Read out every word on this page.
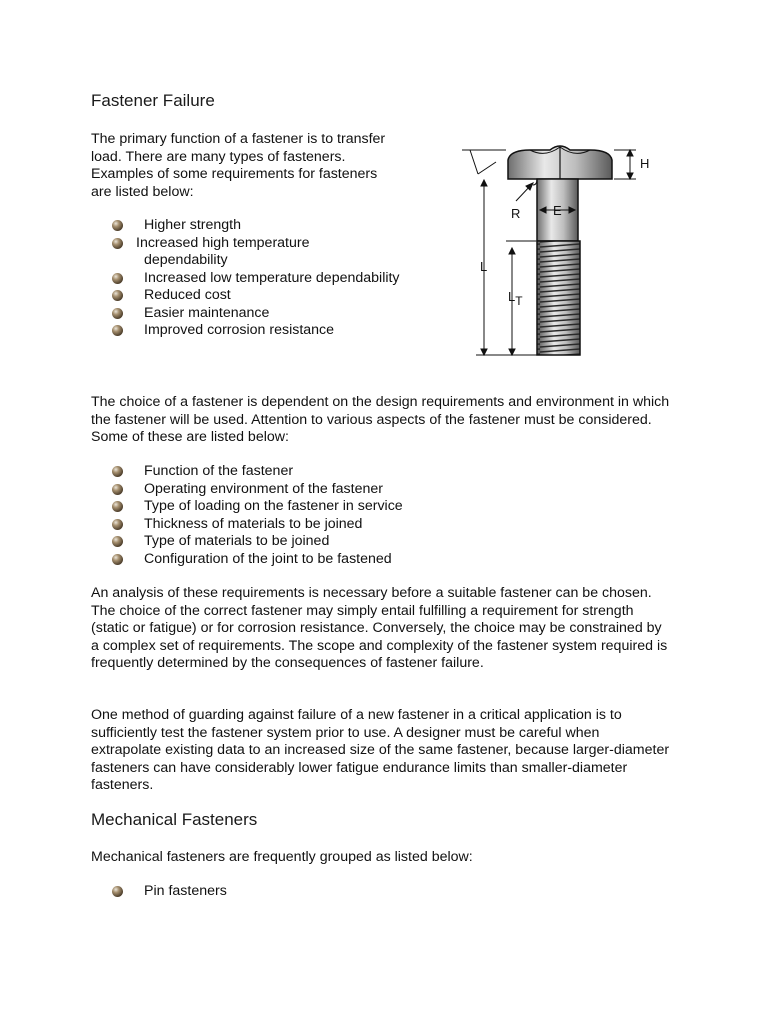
Fastener Failure
The primary function of a fastener is to transfer
load. There are many types of fasteners.
Examples of some requirements for fasteners
are listed below:
Higher strength
Increased high temperature dependability
Increased low temperature dependability
Reduced cost
Easier maintenance
Improved corrosion resistance
H
R	E
L
LT

The choice of a fastener is dependent on the design requirements and environment in which the fastener will be used. Attention to various aspects of the fastener must be considered. Some of these are listed below:

Function of the fastener
Operating environment of the fastener
Type of loading on the fastener in service
Thickness of materials to be joined
Type of materials to be joined
Configuration of the joint to be fastened

An analysis of these requirements is necessary before a suitable fastener can be chosen. The choice of the correct fastener may simply entail fulfilling a requirement for strength (static or fatigue) or for corrosion resistance. Conversely, the choice may be constrained by a complex set of requirements. The scope and complexity of the fastener system required is frequently determined by the consequences of fastener failure.

One method of guarding against failure of a new fastener in a critical application is to sufficiently test the fastener system prior to use. A designer must be careful when extrapolate existing data to an increased size of the same fastener, because larger-diameter fasteners can have considerably lower fatigue endurance limits than smaller-diameter fasteners.

Mechanical Fasteners

Mechanical fasteners are frequently grouped as listed below:

Pin fasteners
